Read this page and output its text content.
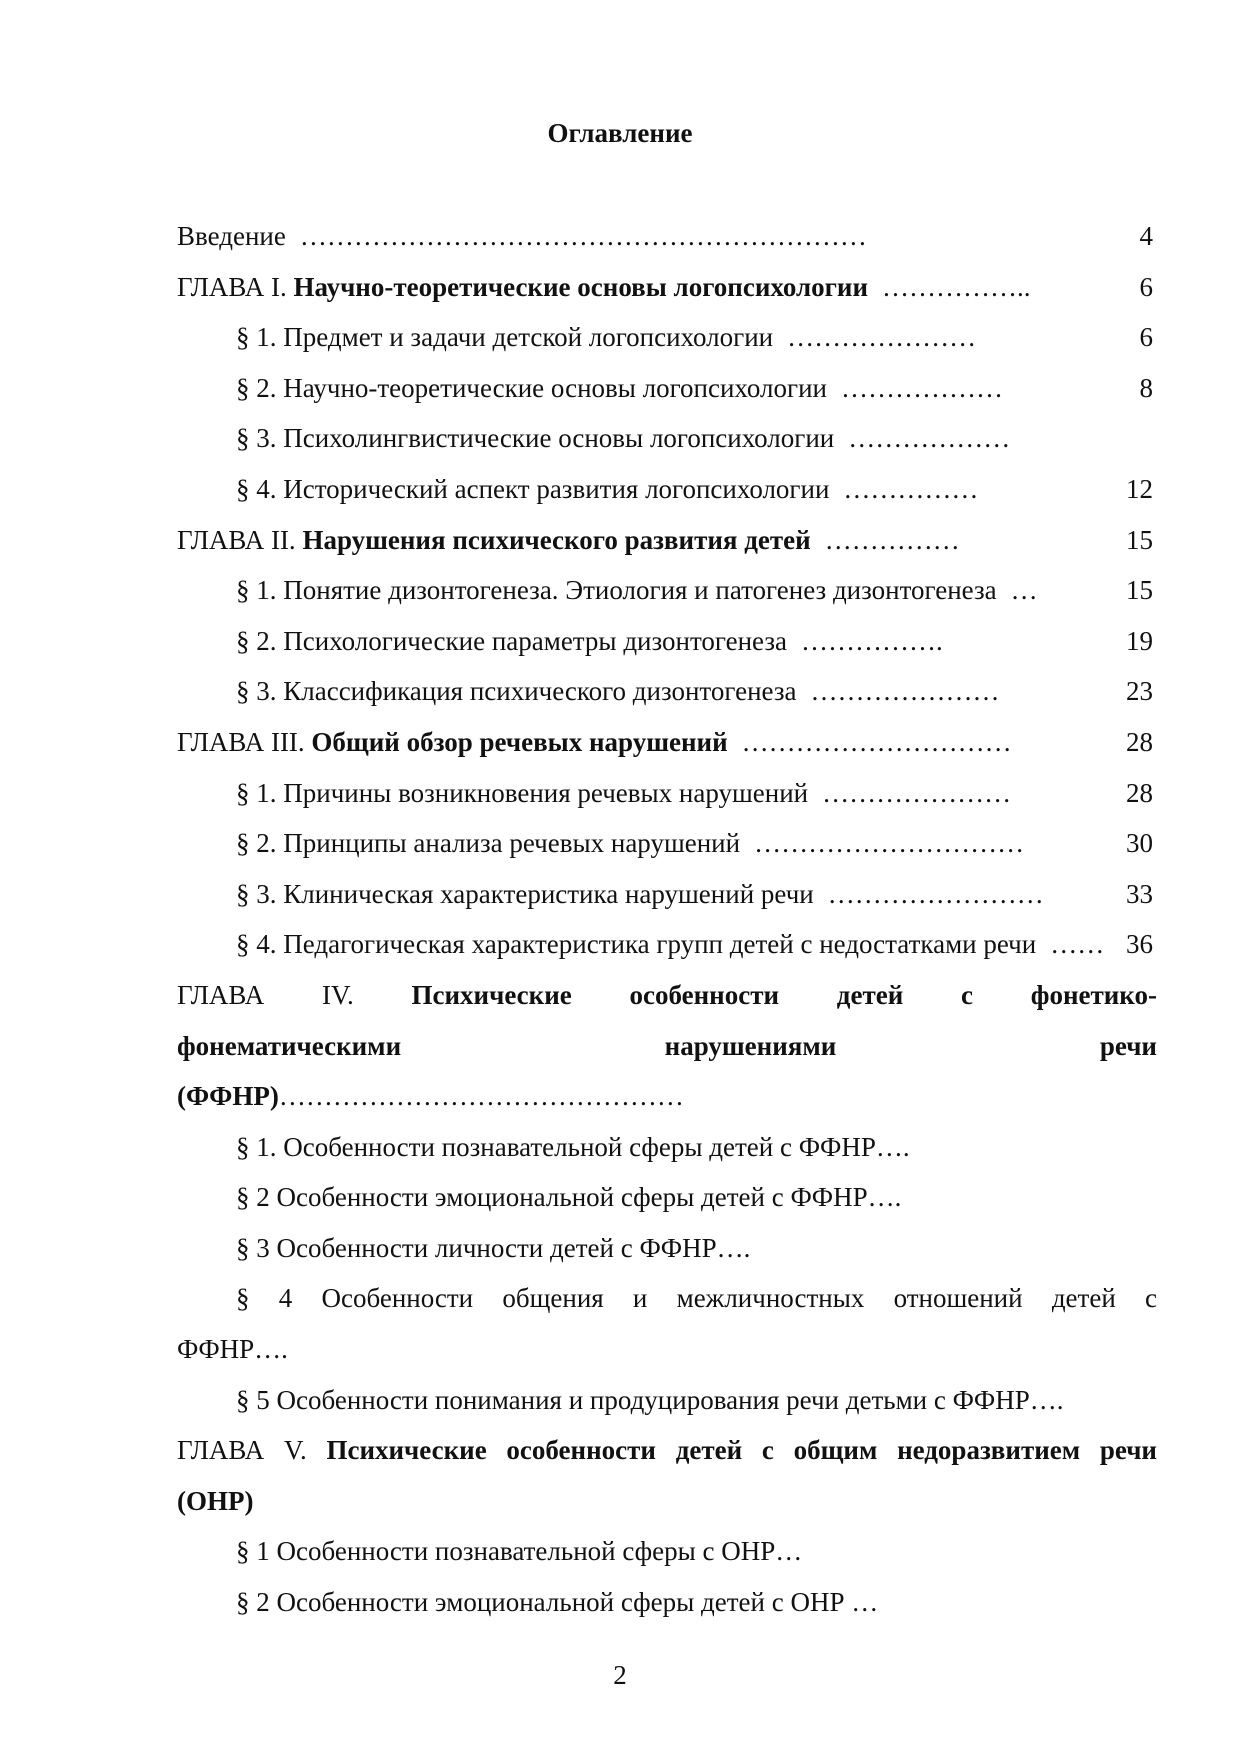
Оглавление
Введение ………………………………………………………	4
ГЛАВА I. Научно-теоретические основы логопсихологии ……………..	6
§ 1. Предмет и задачи детской логопсихологии …………………	6
§ 2. Научно-теоретические основы логопсихологии ………………	8
§ 3. Психолингвистические основы логопсихологии ………………
§ 4. Исторический аспект развития логопсихологии ……………	12
ГЛАВА II. Нарушения психического развития детей ……………	15
§ 1. Понятие дизонтогенеза. Этиология и патогенез дизонтогенеза …	15
§ 2. Психологические параметры дизонтогенеза …………….	19
§ 3. Классификация психического дизонтогенеза …………………	23
ГЛАВА III. Общий обзор речевых нарушений …………………………	28
§ 1. Причины возникновения речевых нарушений …………………	28
§ 2. Принципы анализа речевых нарушений …………………………	30
§ 3. Клиническая характеристика нарушений речи ……………………	33
§ 4. Педагогическая характеристика групп детей с недостатками речи …… 36
ГЛАВА IV. Психические особенности детей с фонетико-
фонематическими нарушениями речи
(ФФНР)………………………………………
§ 1. Особенности познавательной сферы детей с ФФНР….
§ 2 Особенности эмоциональной сферы детей с ФФНР….
§ 3 Особенности личности детей с ФФНР….
§ 4 Особенности общения и межличностных отношений детей с
ФФНР….
§ 5 Особенности понимания и продуцирования речи детьми с ФФНР….
ГЛАВА V. Психические особенности детей с общим недоразвитием речи
(ОНР)
§ 1 Особенности познавательной сферы с ОНР…
§ 2 Особенности эмоциональной сферы детей с ОНР …
2
